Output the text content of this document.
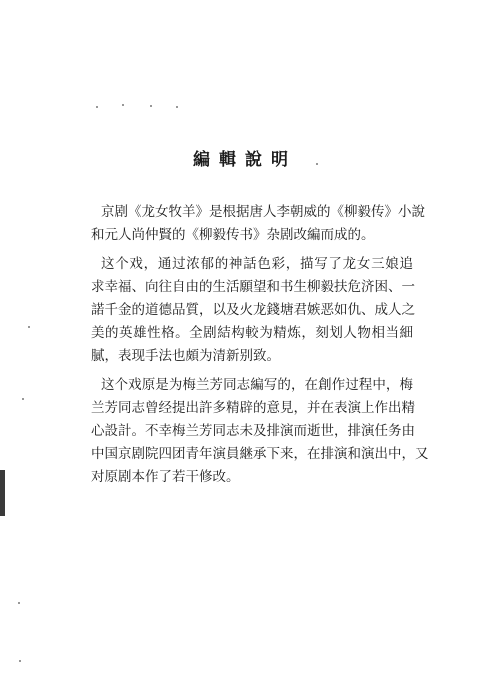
編輯說明
京剧《龙女牧羊》是根据唐人李朝威的《柳毅传》小說
和元人尚仲賢的《柳毅传书》杂剧改編而成的。
这个戏，通过浓郁的神話色彩，描写了龙女三娘追
求幸福、向往自由的生活願望和书生柳毅扶危济困、一
諾千金的道德品質，以及火龙錢塘君嫉恶如仇、成人之
美的英雄性格。全剧結构較为精炼，刻划人物相当細
膩，表现手法也頗为清新别致。
这个戏原是为梅兰芳同志編写的，在創作过程中，梅
兰芳同志曾经提出許多精辟的意見，并在表演上作出精
心設計。不幸梅兰芳同志未及排演而逝世，排演任务由
中国京剧院四团青年演員継承下来，在排演和演出中，又
对原剧本作了若干修改。
